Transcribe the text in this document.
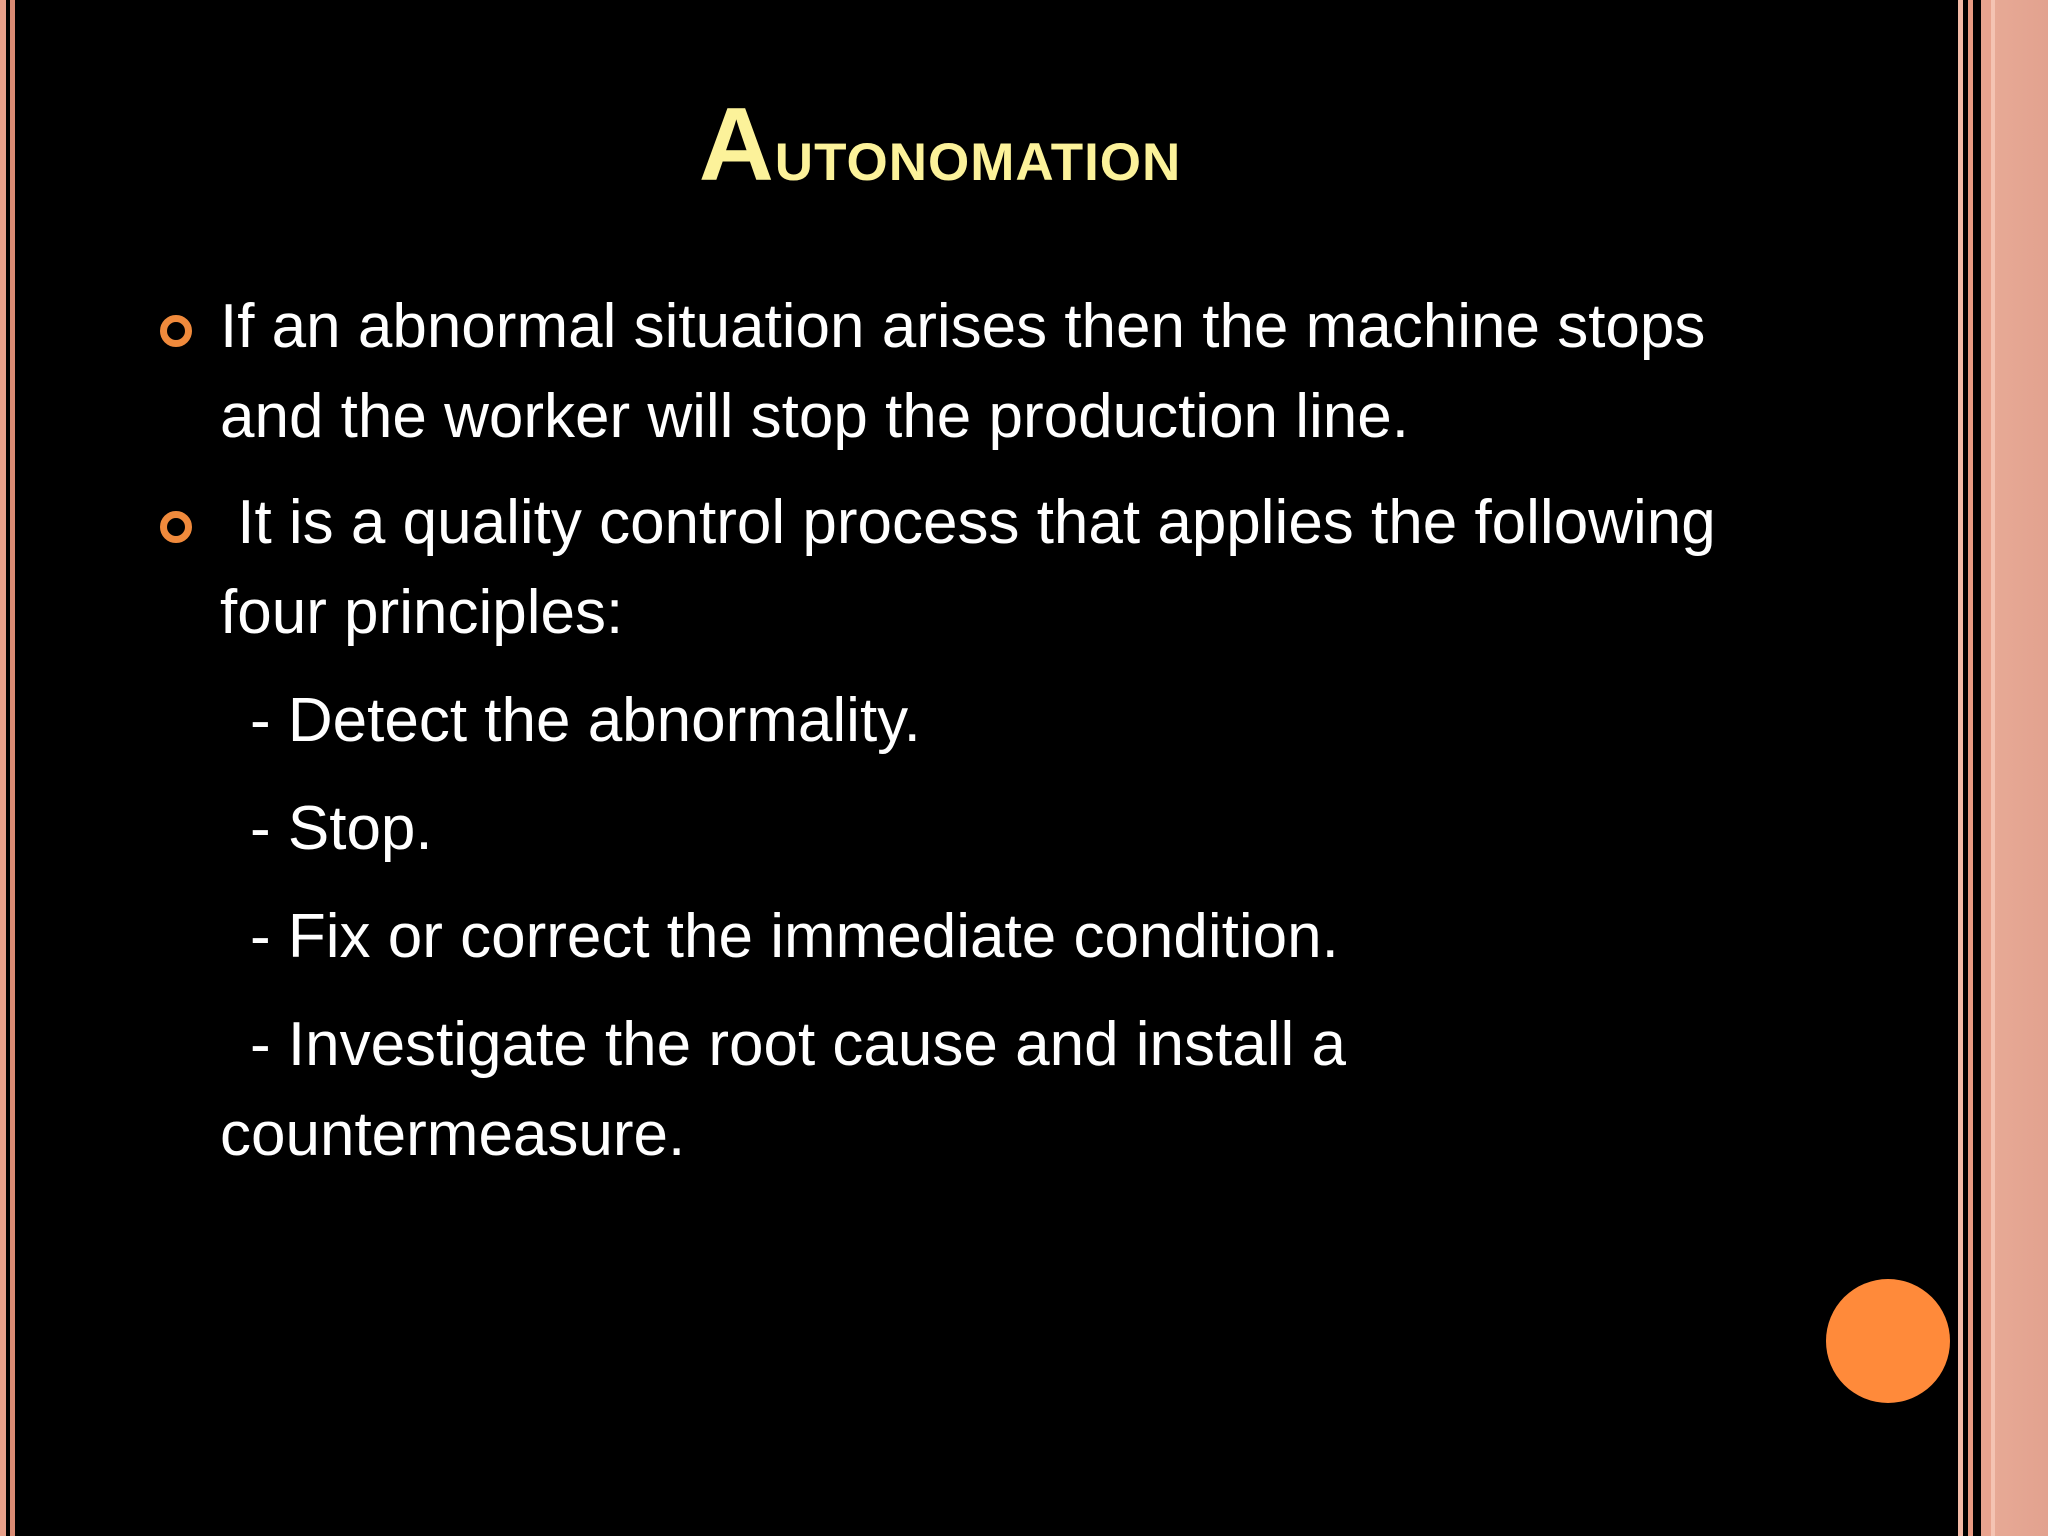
Autonomation
If an abnormal situation arises then the machine stops and the worker will stop the production line.
It is a quality control process that applies the following four principles:
- Detect the abnormality.
- Stop.
- Fix or correct the immediate condition.
- Investigate the root cause and install a countermeasure.
